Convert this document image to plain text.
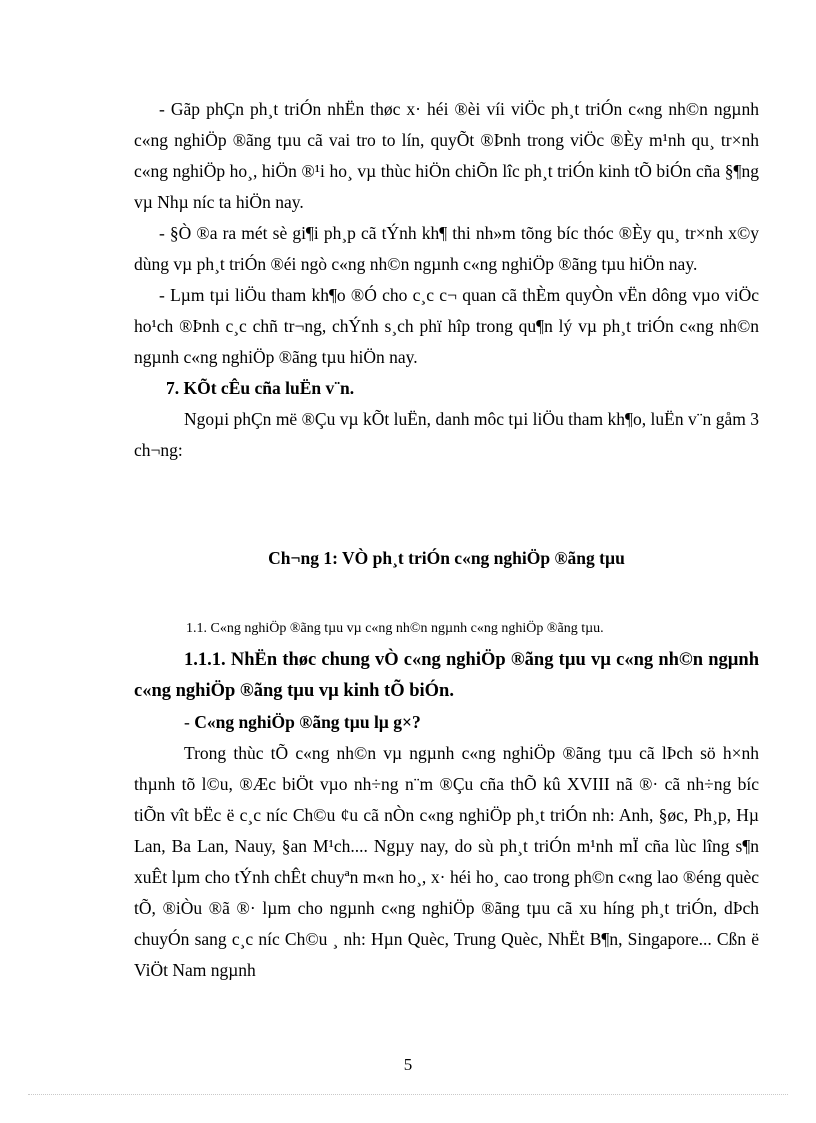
- Gãp phÇn ph¸t triÓn nhËn thøc x· héi ®èi víi viÖc ph¸t triÓn c«ng nh©n ngµnh c«ng nghiÖp ®ãng tµu cã vai tro to lín, quyÕt ®Þnh trong viÖc ®Èy m¹nh qu¸ tr×nh c«ng nghiÖp ho¸, hiÖn ®¹i ho¸ vµ thùc hiÖn chiÕn lîc ph¸t triÓn kinh tÕ biÓn cña §¶ng vµ Nhµ níc ta hiÖn nay.

- §Ò ®a ra mét sè gi¶i ph¸p cã tÝnh kh¶ thi nh»m tõng bíc thóc ®Èy qu¸ tr×nh x©y dùng vµ ph¸t triÓn ®éi ngò c«ng nh©n ngµnh c«ng nghiÖp ®ãng tµu hiÖn nay.

- Lµm tµi liÖu tham kh¶o ®Ó cho c¸c c¬ quan cã thÈm quyÒn vËn dông vµo viÖc ho¹ch ®Þnh c¸c chñ tr¬ng, chÝnh s¸ch phï hîp trong qu¶n lý vµ ph¸t triÓn c«ng nh©n ngµnh c«ng nghiÖp ®ãng tµu hiÖn nay.

7. KÕt cÊu cña luËn v¨n.

Ngoµi phÇn më ®Çu vµ kÕt luËn, danh môc tµi liÖu tham kh¶o, luËn v¨n gåm 3 ch¬ng:

Ch¬ng 1: VÒ ph¸t triÓn c«ng nghiÖp ®ãng tµu

1.1. C«ng nghiÖp ®ãng tµu vµ c«ng nh©n ngµnh c«ng nghiÖp ®ãng tµu.

1.1.1. NhËn thøc chung vÒ c«ng nghiÖp ®ãng tµu vµ c«ng nh©n ngµnh c«ng nghiÖp ®ãng tµu vµ kinh tÕ biÓn.

- C«ng nghiÖp ®ãng tµu lµ g×?

Trong thùc tÕ c«ng nh©n vµ ngµnh c«ng nghiÖp ®ãng tµu cã lÞch sö h×nh thµnh tõ l©u, ®Æc biÖt vµo nh÷ng n¨m ®Çu cña thÕ kû XVIII nã ®· cã nh÷ng bíc tiÕn vît bËc ë c¸c níc Ch©u ¢u cã nÒn c«ng nghiÖp ph¸t triÓn nh: Anh, §øc, Ph¸p, Hµ Lan, Ba Lan, Nauy, §an M¹ch.... Ngµy nay, do sù ph¸t triÓn m¹nh mÏ cña lùc lîng s¶n xuÊt lµm cho tÝnh chÊt chuyªn m«n ho¸, x· héi ho¸ cao trong ph©n c«ng lao ®éng quèc tÕ, ®iÒu ®ã ®· lµm cho ngµnh c«ng nghiÖp ®ãng tµu cã xu híng ph¸t triÓn, dÞch chuyÓn sang c¸c níc Ch©u ¸ nh: Hµn Quèc, Trung Quèc, NhËt B¶n, Singapore... Cßn ë ViÖt Nam ngµnh

5
